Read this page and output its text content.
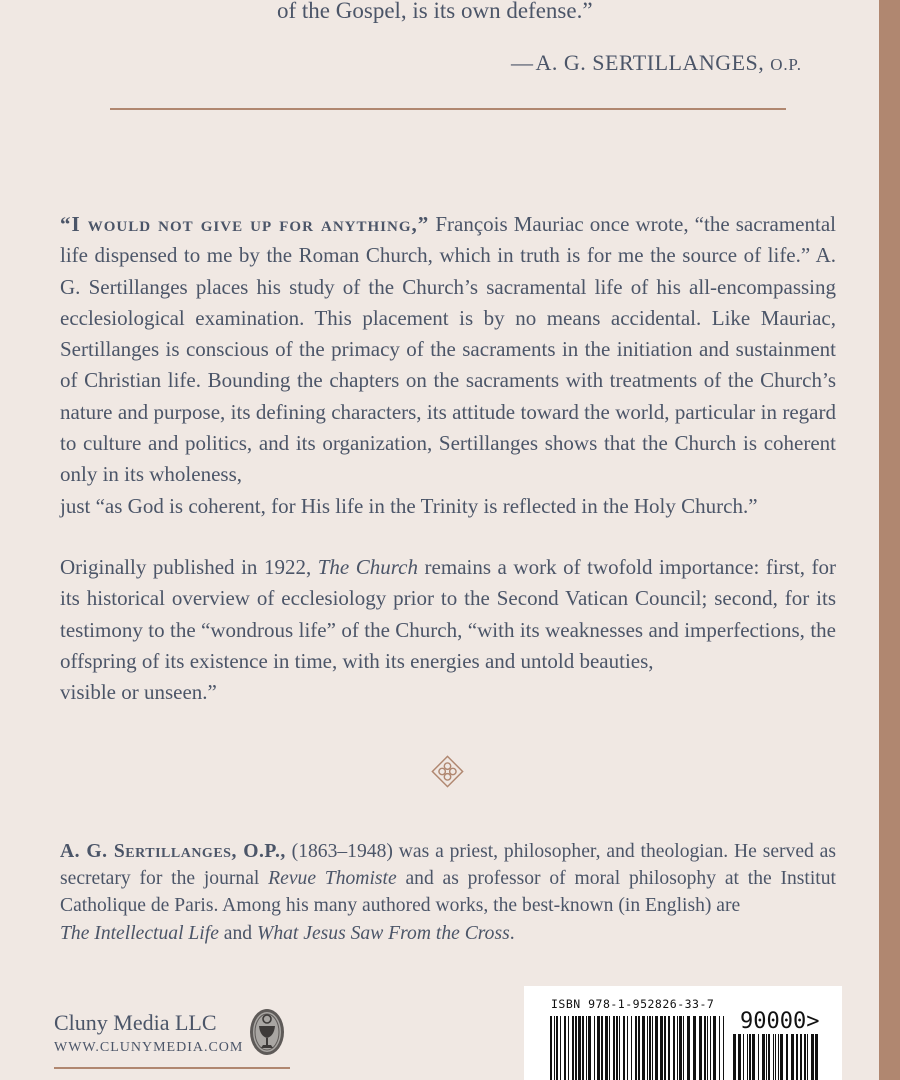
of the Gospel, is its own defense.”
—A. G. SERTILLANGES, O.P.

“I would not give up for anything,” François Mauriac once wrote, “the sacramental life dispensed to me by the Roman Church, which in truth is for me the source of life.” A. G. Sertillanges places his study of the Church’s sacramental life of his all-encompassing ecclesiological examination. This placement is by no means accidental. Like Mauriac, Sertillanges is conscious of the primacy of the sacraments in the initiation and sustainment of Christian life. Bounding the chapters on the sacraments with treatments of the Church’s nature and purpose, its defining characters, its attitude toward the world, particular in regard to culture and politics, and its organization, Sertillanges shows that the Church is coherent only in its wholeness,
just “as God is coherent, for His life in the Trinity is reflected in the Holy Church.”

Originally published in 1922, The Church remains a work of twofold importance: first, for its historical overview of ecclesiology prior to the Second Vatican Council; second, for its testimony to the “wondrous life” of the Church, “with its weaknesses and imperfections, the offspring of its existence in time, with its energies and untold beauties,
visible or unseen.”

A. G. Sertillanges, O.P., (1863–1948) was a priest, philosopher, and theologian. He served as secretary for the journal Revue Thomiste and as professor of moral philosophy at the Institut Catholique de Paris. Among his many authored works, the best-known (in English) are
The Intellectual Life and What Jesus Saw From the Cross.

Cluny Media LLC
WWW.CLUNYMEDIA.COM
ISBN 978-1-952826-33-7
90000>
